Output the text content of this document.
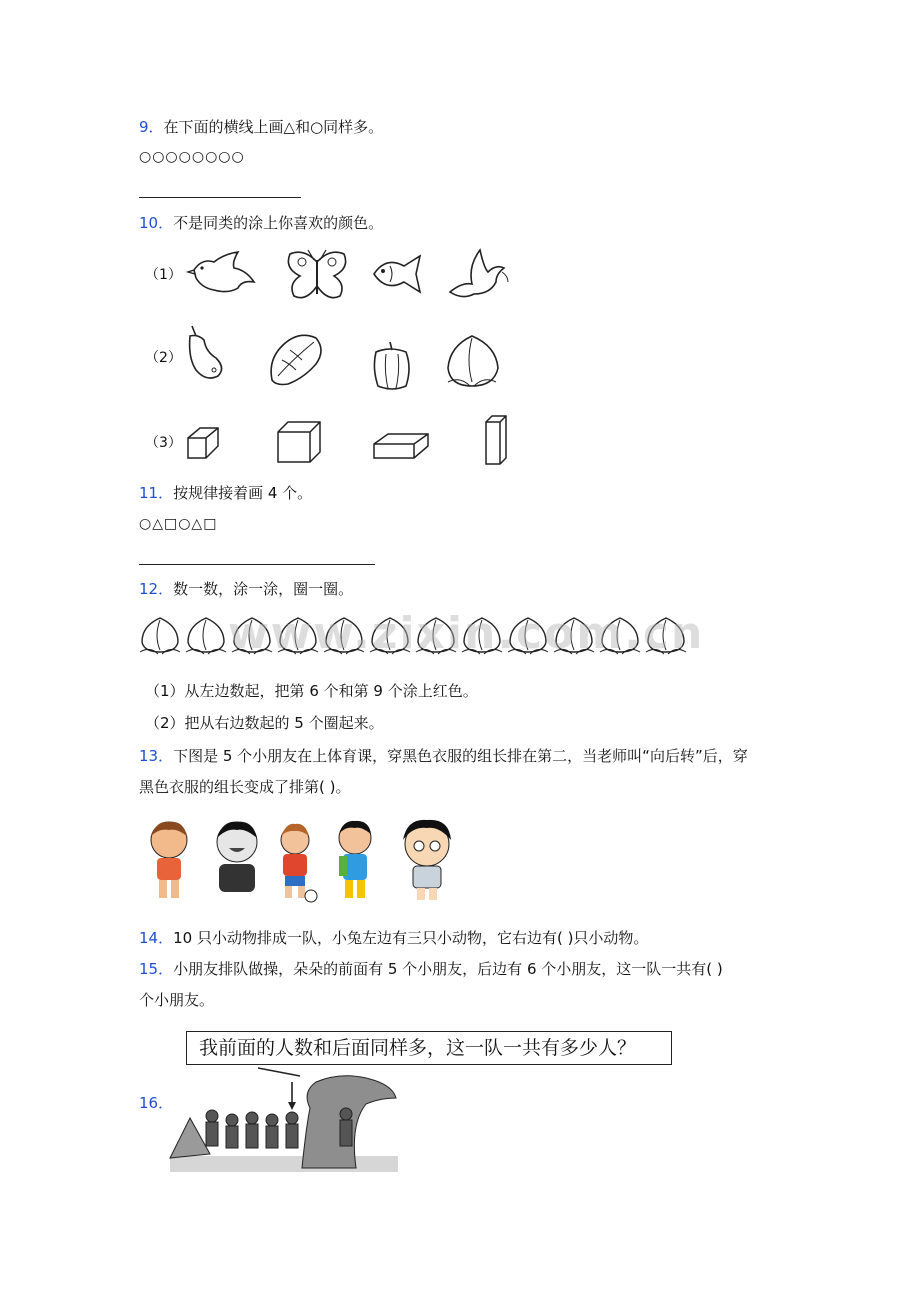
9．在下面的横线上画△和○同样多。
○○○○○○○○
10．不是同类的涂上你喜欢的颜色。
（1）
（2）
（3）
11．按规律接着画 4 个。
○△□○△□
12．数一数，涂一涂，圈一圈。
www.zixin.com.cn
（1）从左边数起，把第 6 个和第 9 个涂上红色。
（2）把从右边数起的 5 个圈起来。
13．下图是 5 个小朋友在上体育课，穿黑色衣服的组长排在第二，当老师叫“向后转”后，穿
黑色衣服的组长变成了排第( )。
14．10 只小动物排成一队，小兔左边有三只小动物，它右边有( )只小动物。
15．小朋友排队做操，朵朵的前面有 5 个小朋友，后边有 6 个小朋友，这一队一共有( )
个小朋友。
我前面的人数和后面同样多，这一队一共有多少人？
16．
